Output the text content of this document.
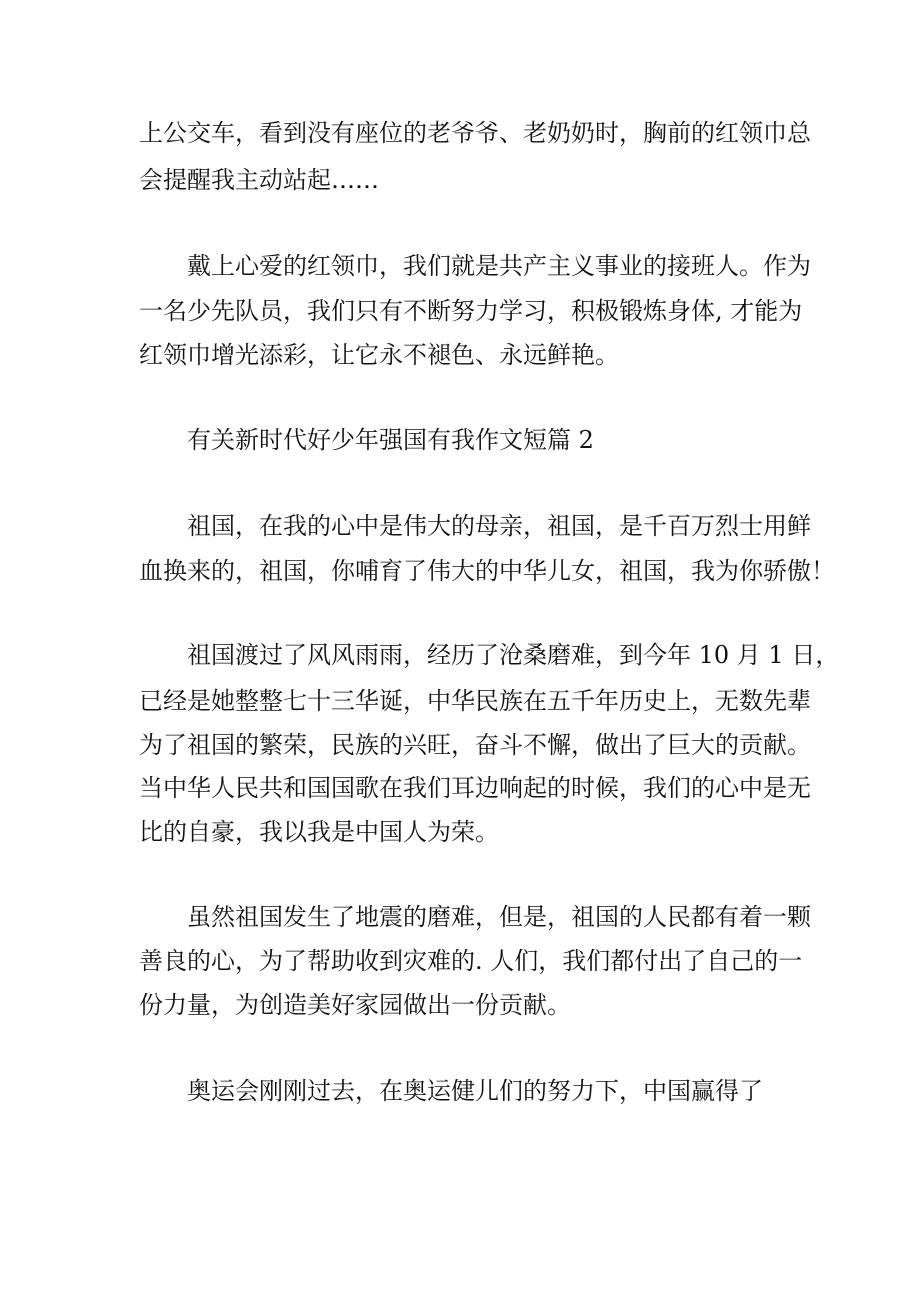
上公交车，看到没有座位的老爷爷、老奶奶时，胸前的红领巾总

会提醒我主动站起……

戴上心爱的红领巾，我们就是共产主义事业的接班人。作为

一名少先队员，我们只有不断努力学习，积极锻炼身体, 才能为

红领巾增光添彩，让它永不褪色、永远鲜艳。

有关新时代好少年强国有我作文短篇 2

祖国，在我的心中是伟大的母亲，祖国，是千百万烈士用鲜

血换来的，祖国，你哺育了伟大的中华儿女，祖国，我为你骄傲！

祖国渡过了风风雨雨，经历了沧桑磨难，到今年 10 月 1 日，

已经是她整整七十三华诞，中华民族在五千年历史上，无数先辈

为了祖国的繁荣，民族的兴旺，奋斗不懈，做出了巨大的贡献。

当中华人民共和国国歌在我们耳边响起的时候，我们的心中是无

比的自豪，我以我是中国人为荣。

虽然祖国发生了地震的磨难，但是，祖国的人民都有着一颗

善良的心，为了帮助收到灾难的. 人们，我们都付出了自己的一

份力量，为创造美好家园做出一份贡献。

奥运会刚刚过去，在奥运健儿们的努力下，中国赢得了
